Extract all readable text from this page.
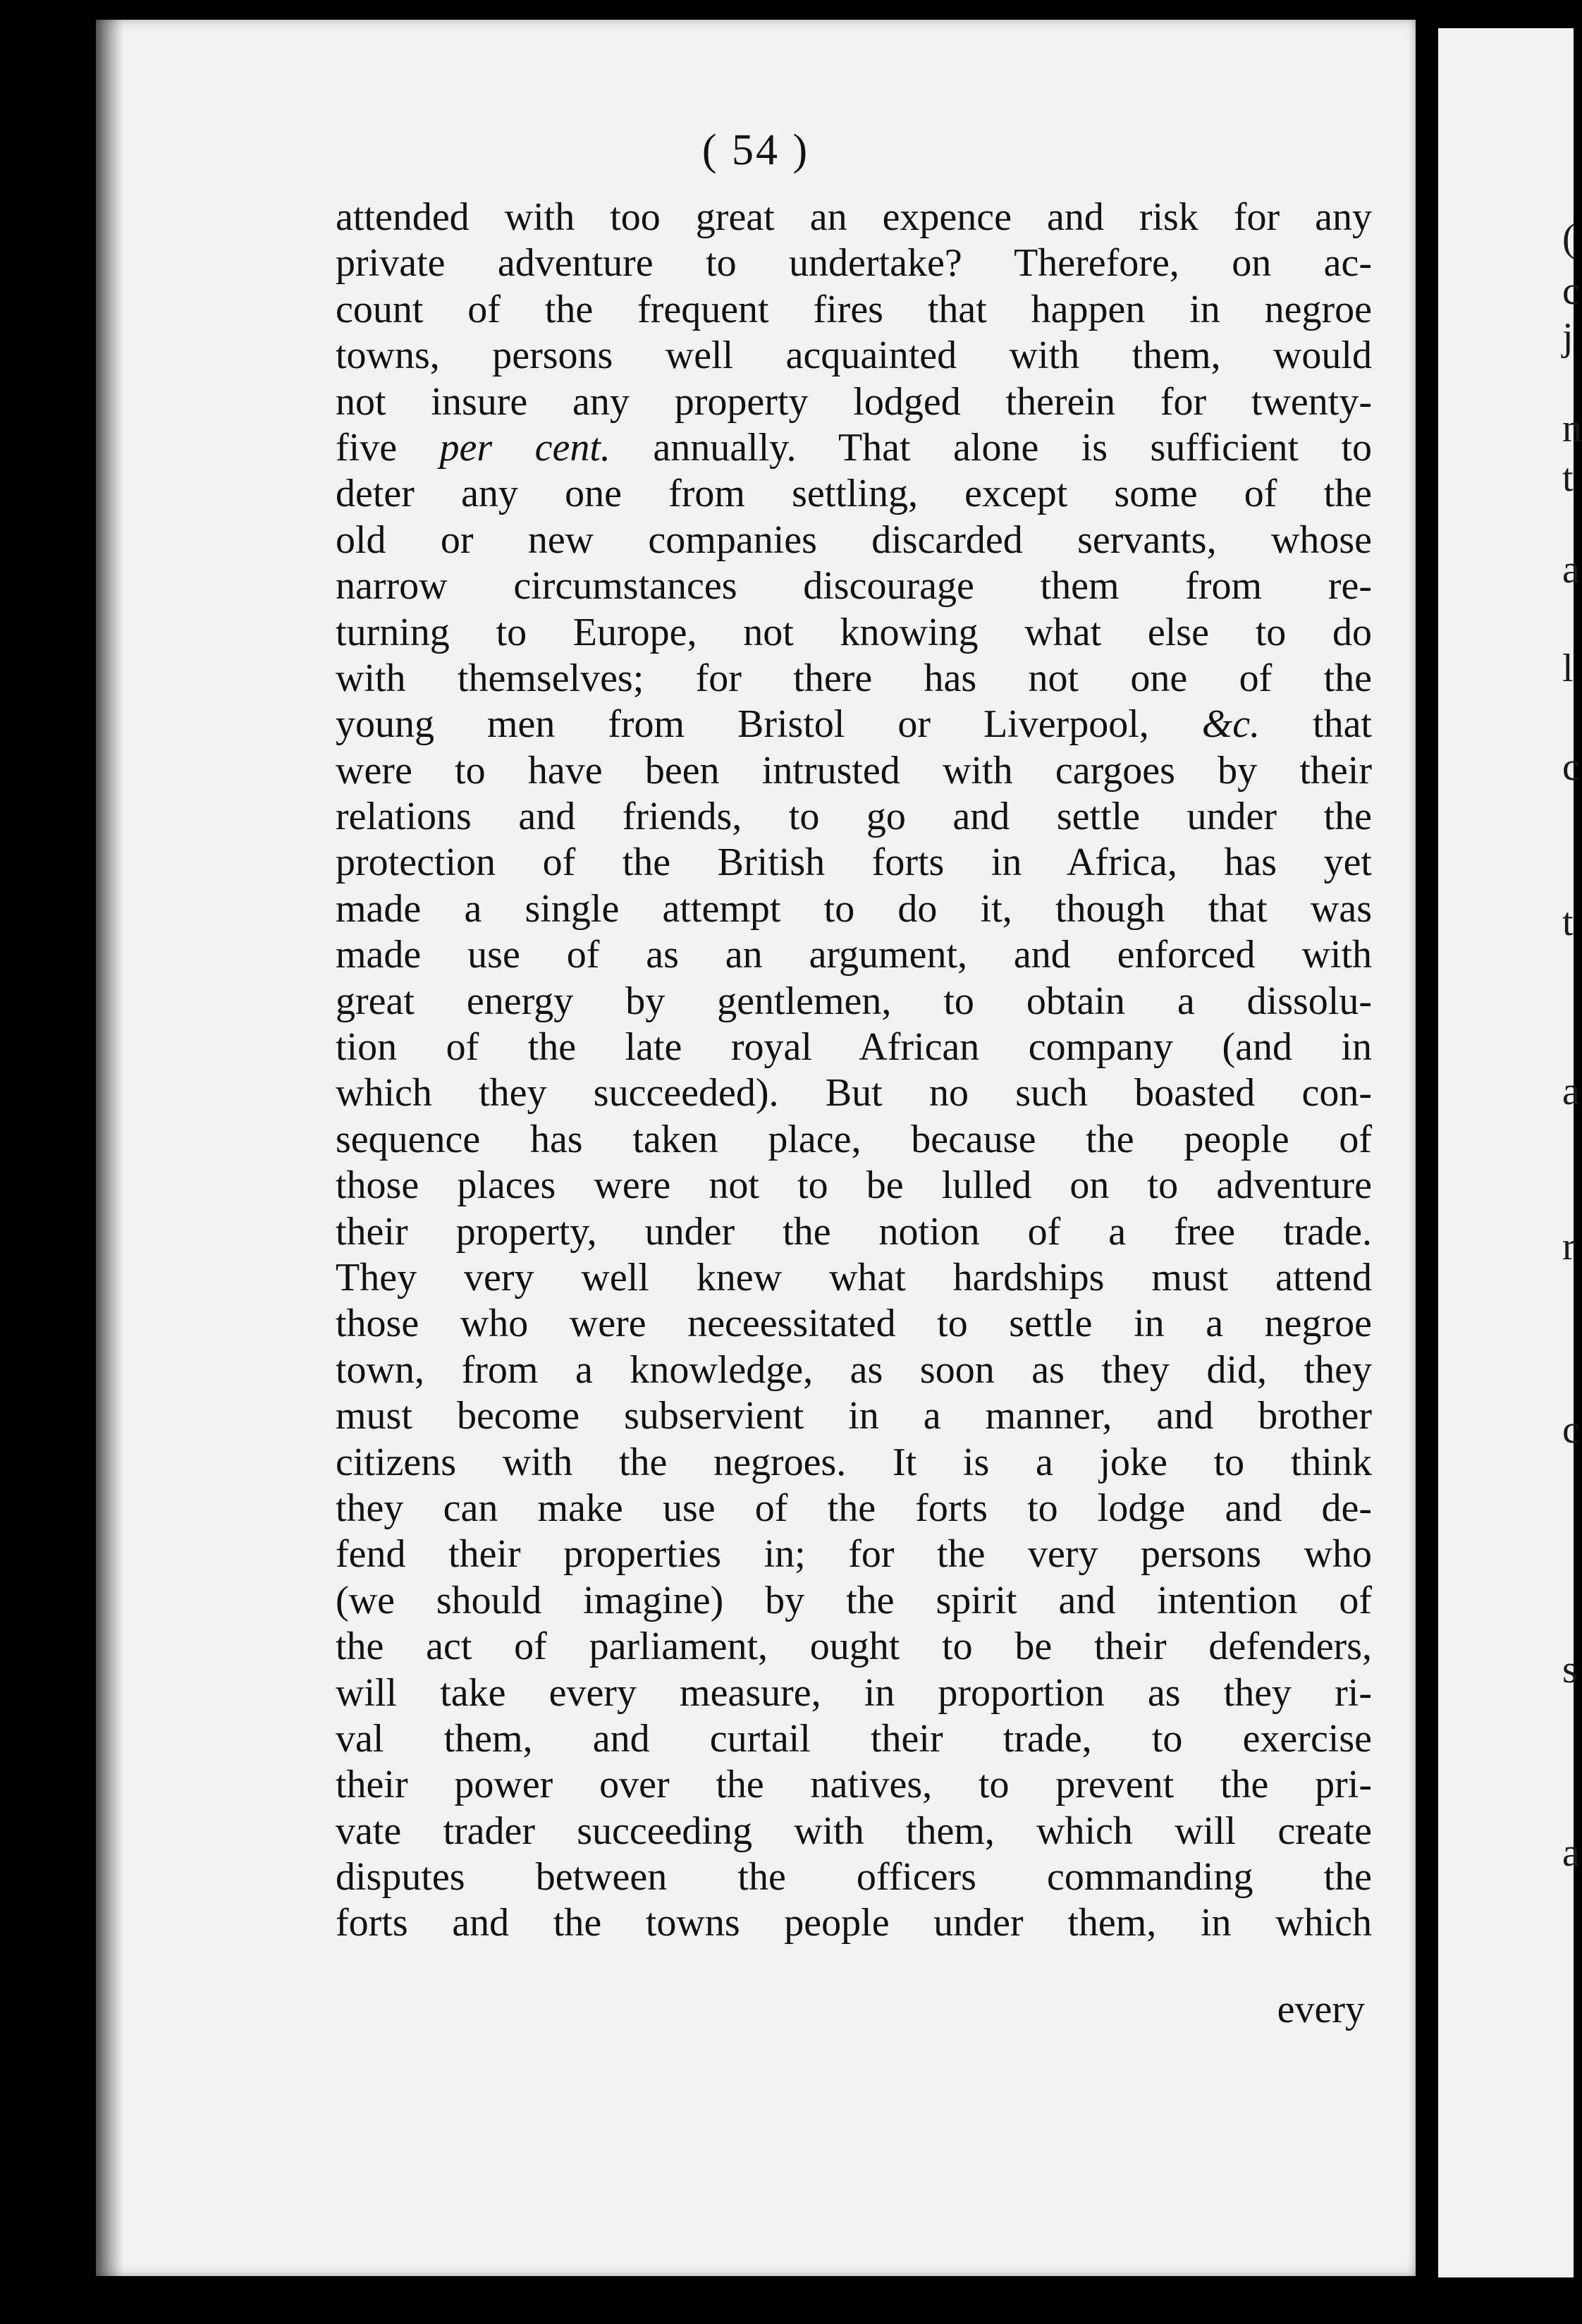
( 54 )
attended with too great an expence and risk for any
private adventure to undertake? Therefore, on ac-
count of the frequent fires that happen in negroe
towns, persons well acquainted with them, would
not insure any property lodged therein for twenty-
five per cent. annually. That alone is sufficient to
deter any one from settling, except some of the
old or new companies discarded servants, whose
narrow circumstances discourage them from re-
turning to Europe, not knowing what else to do
with themselves; for there has not one of the
young men from Bristol or Liverpool, &c. that
were to have been intrusted with cargoes by their
relations and friends, to go and settle under the
protection of the British forts in Africa, has yet
made a single attempt to do it, though that was
made use of as an argument, and enforced with
great energy by gentlemen, to obtain a dissolu-
tion of the late royal African company (and in
which they succeeded). But no such boasted con-
sequence has taken place, because the people of
those places were not to be lulled on to adventure
their property, under the notion of a free trade.
They very well knew what hardships must attend
those who were neceessitated to settle in a negroe
town, from a knowledge, as soon as they did, they
must become subservient in a manner, and brother
citizens with the negroes. It is a joke to think
they can make use of the forts to lodge and de-
fend their properties in; for the very persons who
(we should imagine) by the spirit and intention of
the act of parliament, ought to be their defenders,
will take every measure, in proportion as they ri-
val them, and curtail their trade, to exercise
their power over the natives, to prevent the pri-
vate trader succeeding with them, which will create
disputes between the officers commanding the
forts and the towns people under them, in which
every
(
c
j
n
t
a
l
c
t
a
r
c
s
a
